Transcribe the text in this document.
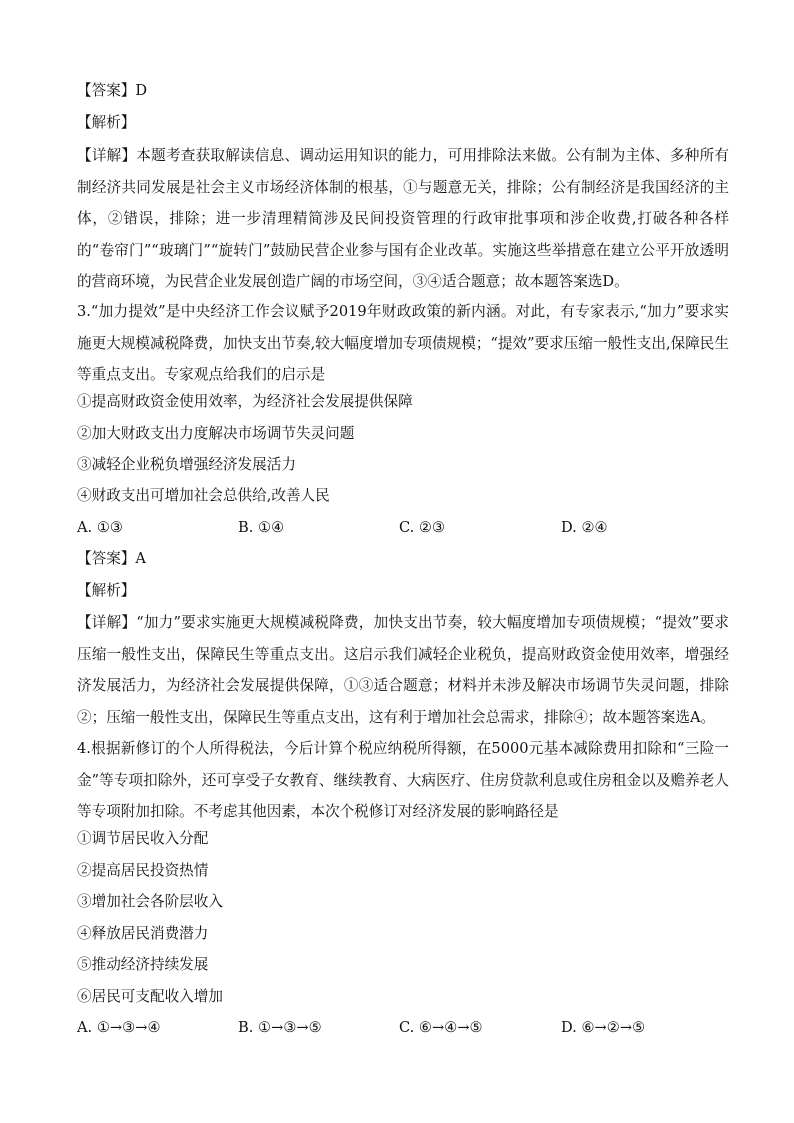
【答案】D
【解析】

【详解】本题考查获取解读信息、调动运用知识的能力，可用排除法来做。公有制为主体、多种所有制经济共同发展是社会主义市场经济体制的根基，①与题意无关，排除；公有制经济是我国经济的主体，②错误，排除；进一步清理精简涉及民间投资管理的行政审批事项和涉企收费,打破各种各样的“卷帘门”“玻璃门”“旋转门”鼓励民营企业参与国有企业改革。实施这些举措意在建立公平开放透明的营商环境，为民营企业发展创造广阔的市场空间，③④适合题意；故本题答案选D。

3.“加力提效”是中央经济工作会议赋予2019年财政政策的新内涵。对此，有专家表示,“加力”要求实施更大规模减税降费，加快支出节奏,较大幅度增加专项债规模；“提效”要求压缩一般性支出,保障民生等重点支出。专家观点给我们的启示是

①提高财政资金使用效率，为经济社会发展提供保障
②加大财政支出力度解决市场调节失灵问题
③减轻企业税负增强经济发展活力
④财政支出可增加社会总供给,改善人民
A. ①③	B. ①④	C. ②③	D. ②④
【答案】A
【解析】

【详解】“加力”要求实施更大规模减税降费，加快支出节奏，较大幅度增加专项债规模；“提效”要求压缩一般性支出，保障民生等重点支出。这启示我们减轻企业税负，提高财政资金使用效率，增强经济发展活力，为经济社会发展提供保障，①③适合题意；材料并未涉及解决市场调节失灵问题，排除②；压缩一般性支出，保障民生等重点支出，这有利于增加社会总需求，排除④；故本题答案选A。

4.根据新修订的个人所得税法，今后计算个税应纳税所得额，在5000元基本减除费用扣除和“三险一金”等专项扣除外，还可享受子女教育、继续教育、大病医疗、住房贷款利息或住房租金以及赡养老人等专项附加扣除。不考虑其他因素，本次个税修订对经济发展的影响路径是

①调节居民收入分配
②提高居民投资热情
③增加社会各阶层收入
④释放居民消费潜力
⑤推动经济持续发展
⑥居民可支配收入增加
A. ①→③→④	B. ①→③→⑤	C. ⑥→④→⑤	D. ⑥→②→⑤
